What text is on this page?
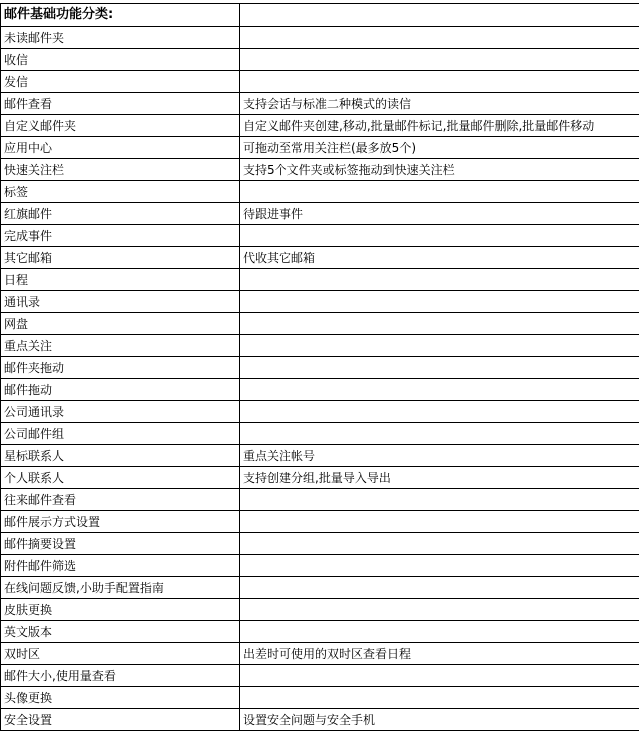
邮件基础功能分类:	
未读邮件夹	
收信	
发信	
邮件查看	支持会话与标准二种模式的读信
自定义邮件夹	自定义邮件夹创建,移动,批量邮件标记,批量邮件删除,批量邮件移动
应用中心	可拖动至常用关注栏(最多放5个)
快速关注栏	支持5个文件夹或标签拖动到快速关注栏
标签	
红旗邮件	待跟进事件
完成事件	
其它邮箱	代收其它邮箱
日程	
通讯录	
网盘	
重点关注	
邮件夹拖动	
邮件拖动	
公司通讯录	
公司邮件组	
星标联系人	重点关注帐号
个人联系人	支持创建分组,批量导入导出
往来邮件查看	
邮件展示方式设置	
邮件摘要设置	
附件邮件筛选	
在线问题反馈,小助手配置指南	
皮肤更换	
英文版本	
双时区	出差时可使用的双时区查看日程
邮件大小,使用量查看	
头像更换	
安全设置	设置安全问题与安全手机
